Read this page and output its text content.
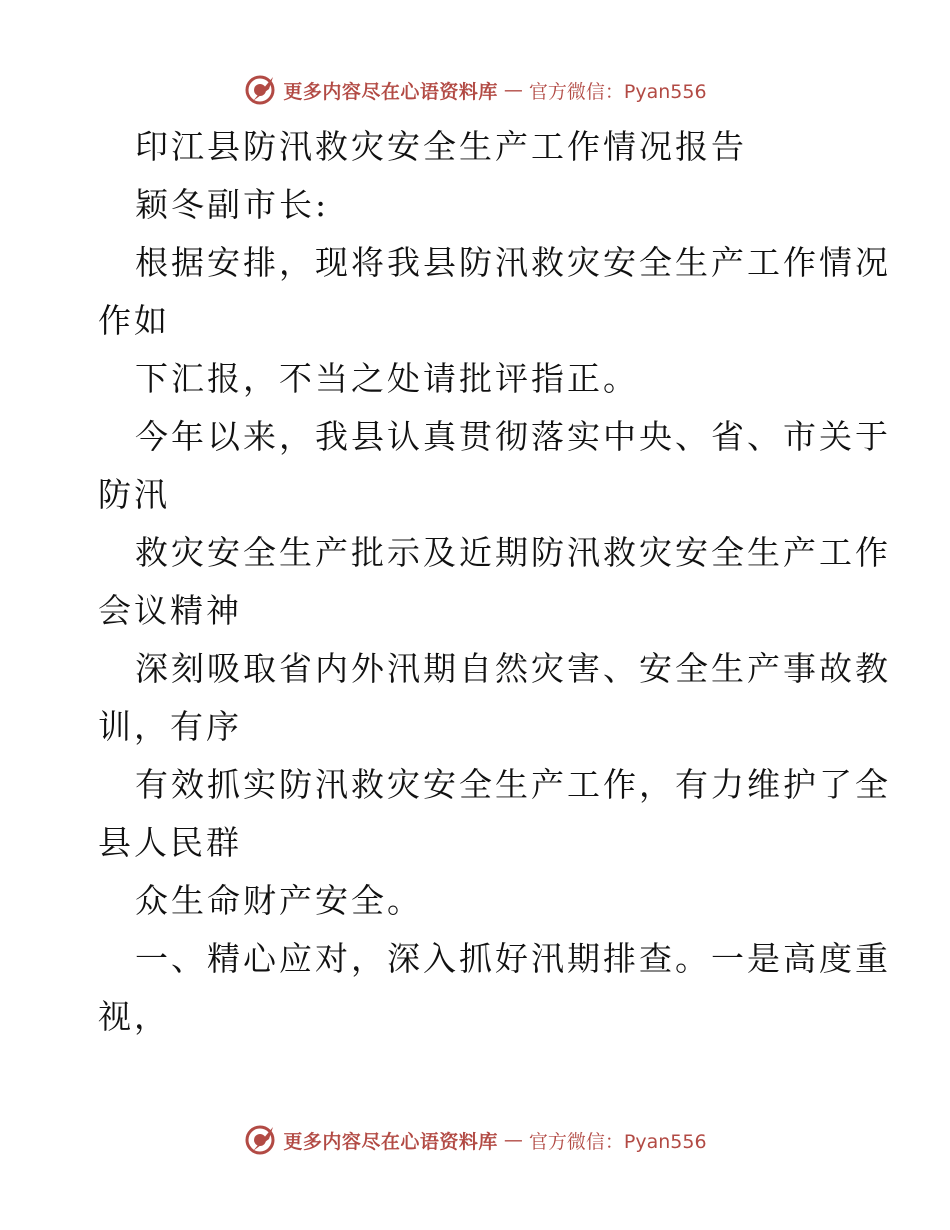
更多内容尽在心语资料库 — 官方微信：Pyan556
印江县防汛救灾安全生产工作情况报告
颖冬副市长:
根据安排，现将我县防汛救灾安全生产工作情况
作如
下汇报，不当之处请批评指正。
今年以来，我县认真贯彻落实中央、省、市关于
防汛
救灾安全生产批示及近期防汛救灾安全生产工作
会议精神
深刻吸取省内外汛期自然灾害、安全生产事故教
训，有序
有效抓实防汛救灾安全生产工作，有力维护了全
县人民群
众生命财产安全。
一、精心应对，深入抓好汛期排查。一是高度重
视，
更多内容尽在心语资料库 — 官方微信：Pyan556
